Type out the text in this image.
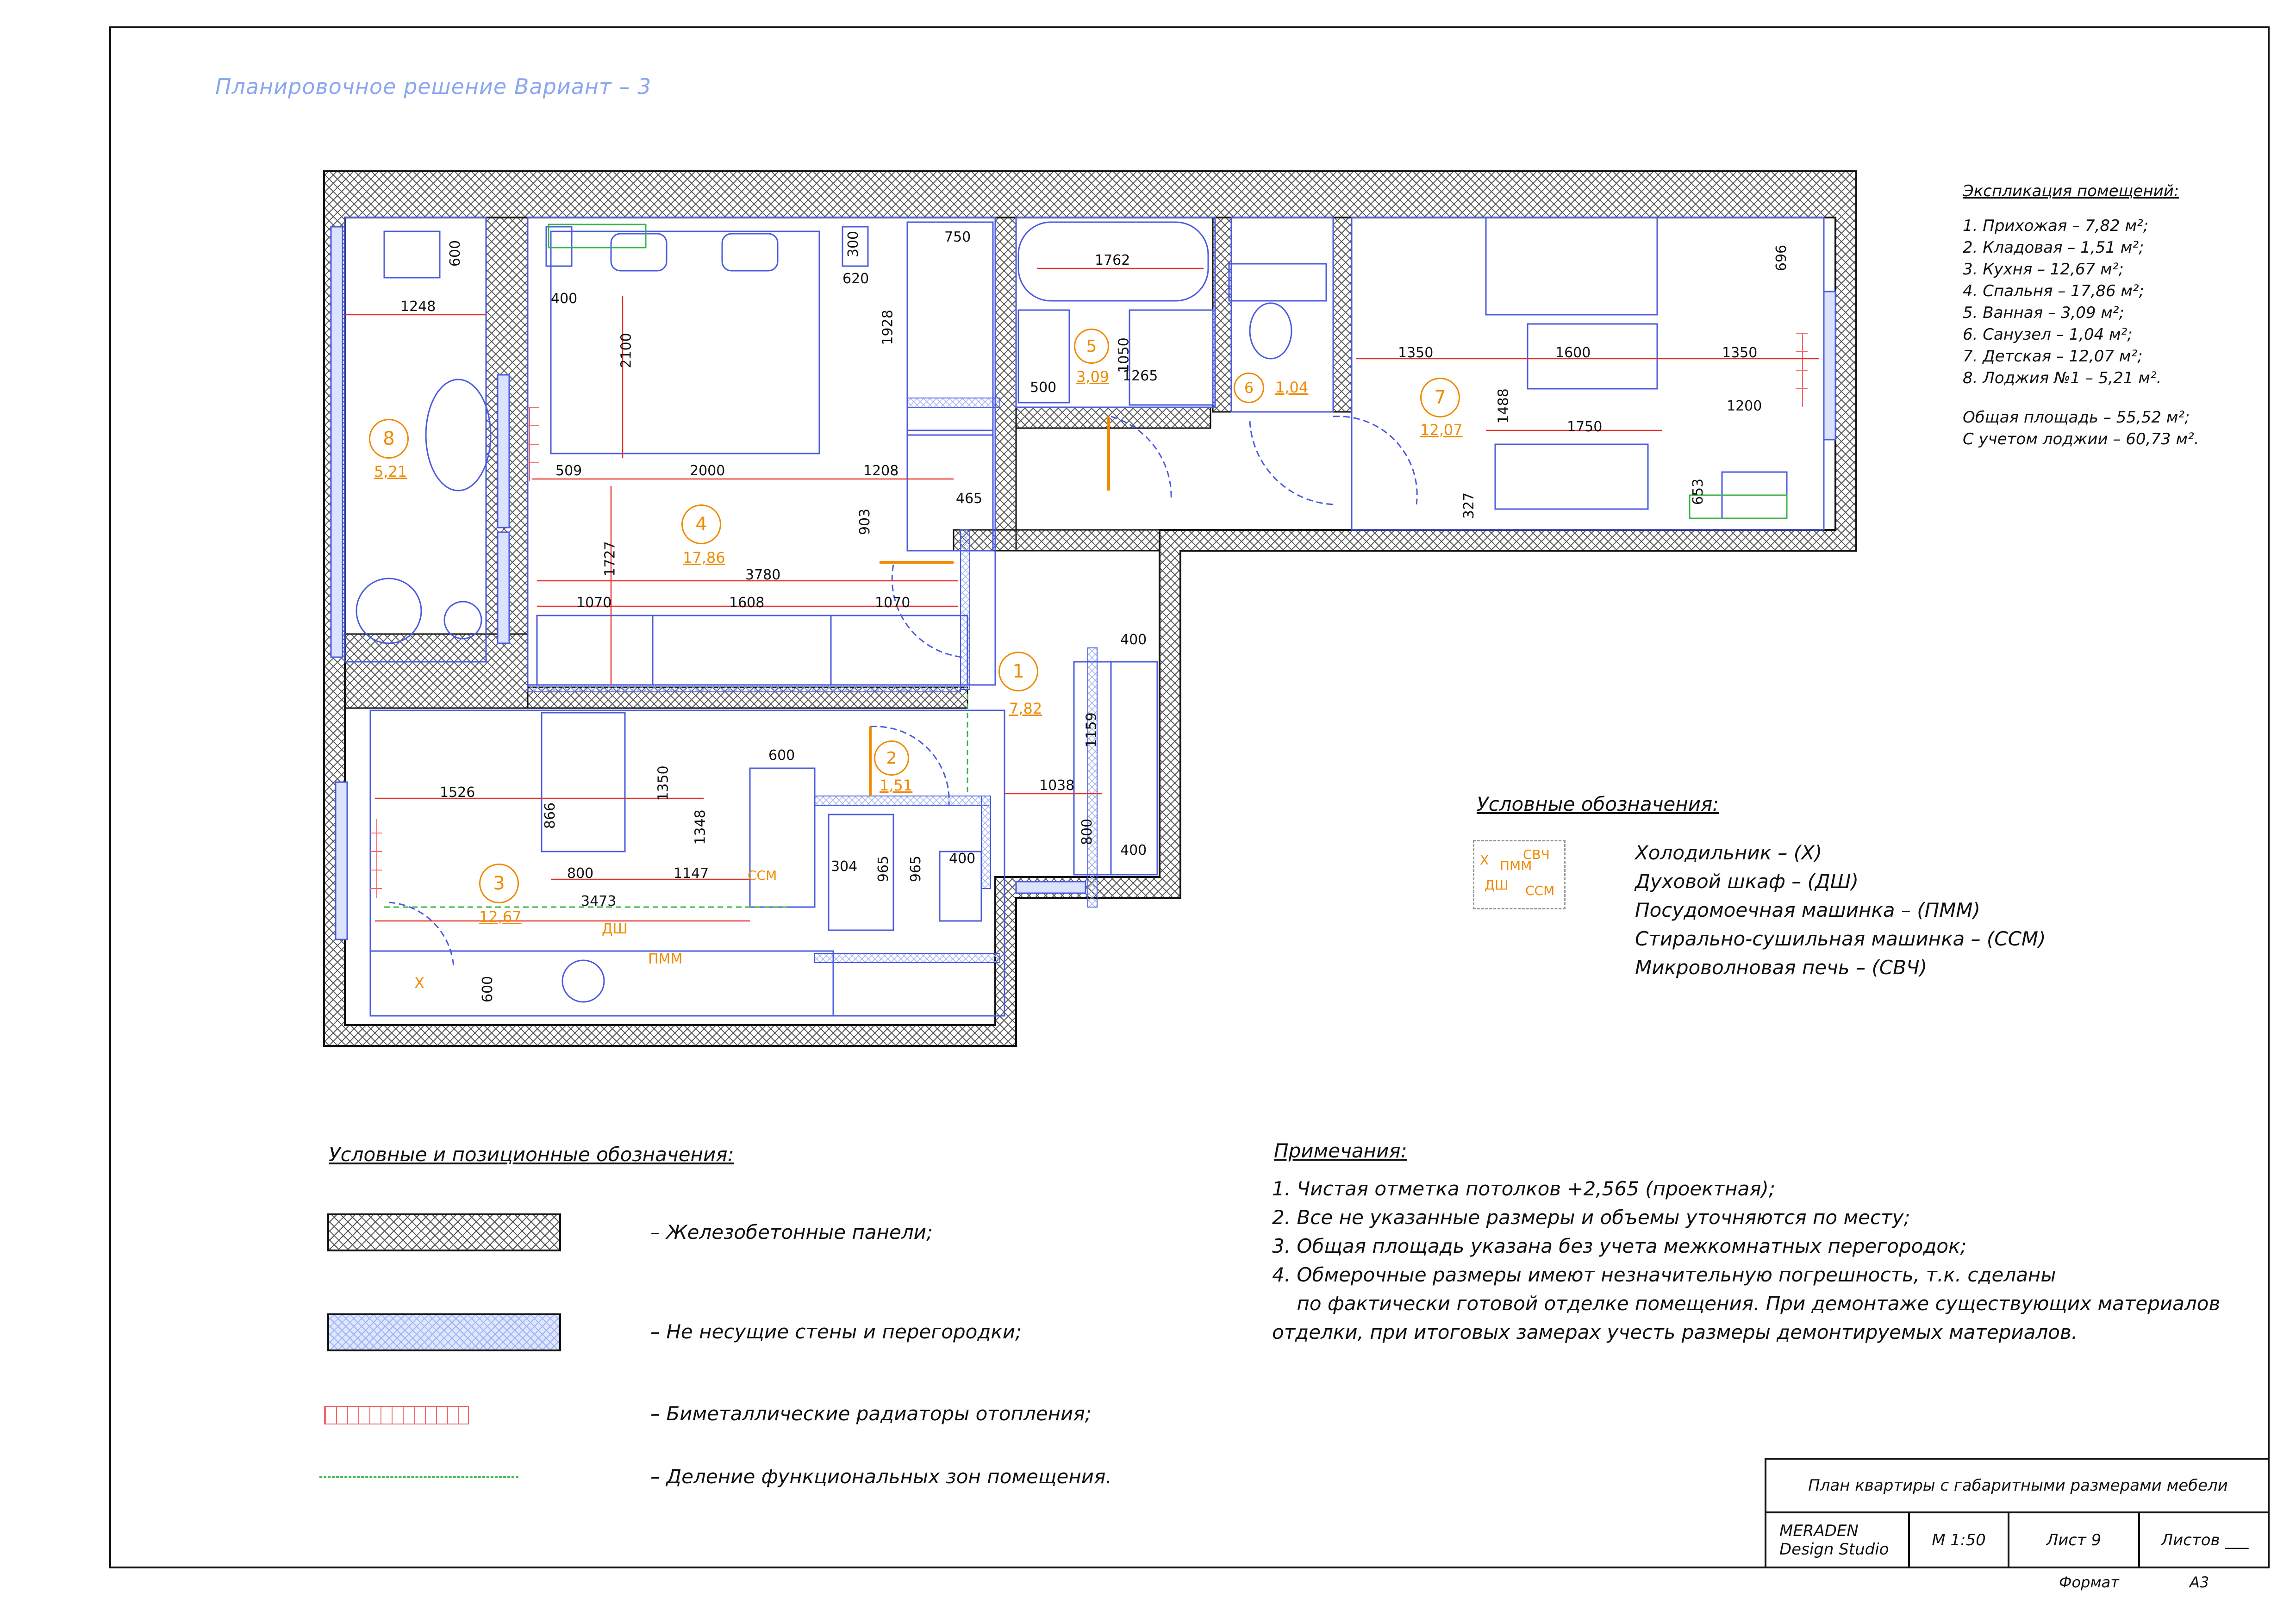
Планировочное решение Вариант – 3
1
7,82
2
1,51
3
12,67
4
17,86
5
3,09
6	1,04	7
12,07
8
5,21
600
1248	400
2100
620
300	750
1928
509	2000	1208
903
465
1727	3780
1070	1608	1070
1762
1050
1265
500
1350	1600	1350
696
1488
1750
1200
653
327
400
1159
1038
800
400
600
1526
866
1350
1348
800	1147
3473
304 965 965 400
600
Х
ДШ
ПММ
ССМ
Экспликация помещений:
1. Прихожая – 7,82 м²;
2. Кладовая – 1,51 м²;
3. Кухня – 12,67 м²;
4. Спальня – 17,86 м²;
5. Ванная – 3,09 м²;
6. Санузел – 1,04 м²;
7. Детская – 12,07 м²;
8. Лоджия №1 – 5,21 м².
Общая площадь – 55,52 м²;
С учетом лоджии – 60,73 м².
Условные обозначения:
Х	СВЧ
ПММ
ДШ ССМ
Холодильник – (Х)
Духовой шкаф – (ДШ)
Посудомоечная машинка – (ПММ)
Стирально-сушильная машинка – (ССМ)
Микроволновая печь – (СВЧ)
Условные и позиционные обозначения:
– Железобетонные панели;
– Не несущие стены и перегородки;
– Биметаллические радиаторы отопления;
– Деление функциональных зон помещения.
Примечания:
1. Чистая отметка потолков +2,565 (проектная);
2. Все не указанные размеры и объемы уточняются по месту;
3. Общая площадь указана без учета межкомнатных перегородок;
4. Обмерочные размеры имеют незначительную погрешность, т.к. сделаны
по фактически готовой отделке помещения. При демонтаже существующих материалов
отделки, при итоговых замерах учесть размеры демонтируемых материалов.
План квартиры с габаритными размерами мебели
MERADEN
Design Studio	М 1:50	Лист 9	Листов ___
Формат	А3
